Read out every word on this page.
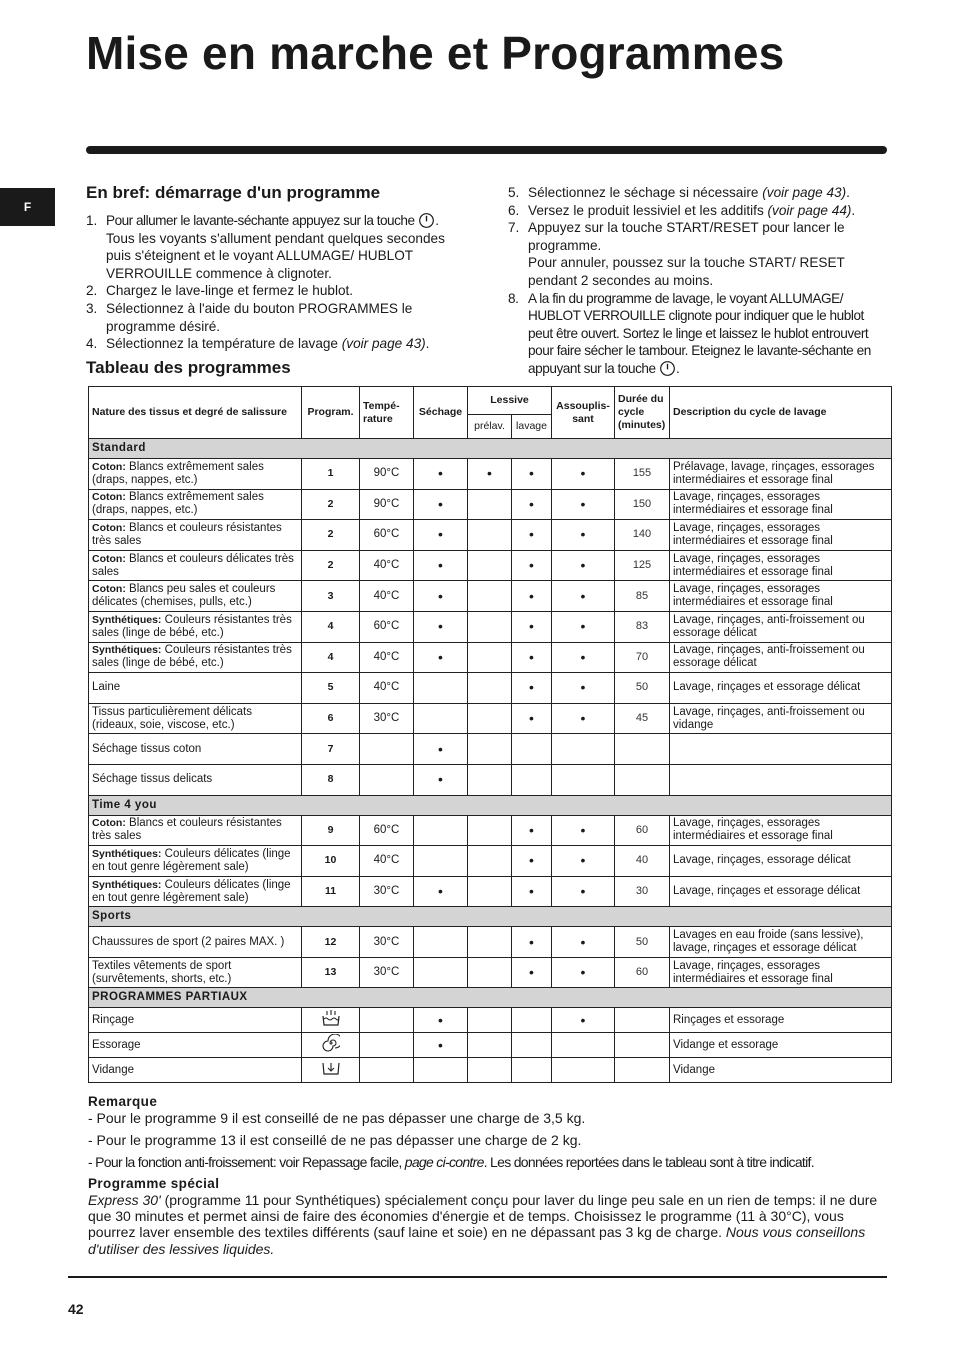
Mise en marche et Programmes
F
En bref: démarrage d'un programme
1. Pour allumer le lavante-séchante appuyez sur la touche . Tous les voyants s'allument pendant quelques secondes puis s'éteignent et le voyant ALLUMAGE/ HUBLOT VERROUILLE commence à clignoter.
2. Chargez le lave-linge et fermez le hublot.
3. Sélectionnez à l'aide du bouton PROGRAMMES le programme désiré.
4. Sélectionnez la température de lavage (voir page 43).
5. Sélectionnez le séchage si nécessaire (voir page 43).
6. Versez le produit lessiviel et les additifs (voir page 44).
7. Appuyez sur la touche START/RESET pour lancer le programme.
Pour annuler, poussez sur la touche START/ RESET pendant 2 secondes au moins.
8. A la fin du programme de lavage, le voyant ALLUMAGE/ HUBLOT VERROUILLE clignote pour indiquer que le hublot peut être ouvert. Sortez le linge et laissez le hublot entrouvert pour faire sécher le tambour. Eteignez le lavante-séchante en appuyant sur la touche .
Tableau des programmes
Nature des tissus et degré de salissure	Program.	Tempé- rature	Séchage	Lessive		Assouplis- sant	Durée du cycle (minutes)	Description du cycle de lavage
				prélav.	lavage			
Standard								
Coton: Blancs extrêmement sales (draps, nappes, etc.)	1	90°C	•	•	•	•	155	Prélavage, lavage, rinçages, essorages intermédiaires et essorage final
Coton: Blancs extrêmement sales (draps, nappes, etc.)	2	90°C	•		•	•	150	Lavage, rinçages, essorages intermédiaires et essorage final
Coton: Blancs et couleurs résistantes très sales	2	60°C	•		•	•	140	Lavage, rinçages, essorages intermédiaires et essorage final
Coton: Blancs et couleurs délicates très sales	2	40°C	•		•	•	125	Lavage, rinçages, essorages intermédiaires et essorage final
Coton: Blancs peu sales et couleurs délicates (chemises, pulls, etc.)	3	40°C	•		•	•	85	Lavage, rinçages, essorages intermédiaires et essorage final
Synthétiques: Couleurs résistantes très sales (linge de bébé, etc.)	4	60°C	•		•	•	83	Lavage, rinçages, anti-froissement ou essorage délicat
Synthétiques: Couleurs résistantes très sales (linge de bébé, etc.)	4	40°C	•		•	•	70	Lavage, rinçages, anti-froissement ou essorage délicat
Laine	5	40°C			•	•	50	Lavage, rinçages et essorage délicat
Tissus particulièrement délicats (rideaux, soie, viscose, etc.)	6	30°C			•	•	45	Lavage, rinçages, anti-froissement ou vidange
Séchage tissus coton	7		•					
Séchage tissus delicats	8		•					
Time 4 you								
Coton: Blancs et couleurs résistantes très sales	9	60°C			•	•	60	Lavage, rinçages, essorages intermédiaires et essorage final
Synthétiques: Couleurs délicates (linge en tout genre légèrement sale)	10	40°C			•	•	40	Lavage, rinçages, essorage délicat
Synthétiques: Couleurs délicates (linge en tout genre légèrement sale)	11	30°C	•		•	•	30	Lavage, rinçages et essorage délicat
Sports								
Chaussures de sport (2 paires MAX. )	12	30°C			•	•	50	Lavages en eau froide (sans lessive), lavage, rinçages et essorage délicat
Textiles vêtements de sport (survêtements, shorts, etc.)	13	30°C			•	•	60	Lavage, rinçages, essorages intermédiaires et essorage final
PROGRAMMES PARTIAUX								
Rinçage			•			•		Rinçages et essorage
Essorage			•					Vidange et essorage
Vidange								Vidange
Remarque
- Pour le programme 9 il est conseillé de ne pas dépasser une charge de 3,5 kg.
- Pour le programme 13 il est conseillé de ne pas dépasser une charge de 2 kg.
- Pour la fonction anti-froissement: voir Repassage facile, page ci-contre. Les données reportées dans le tableau sont à titre indicatif.
Programme spécial
Express 30' (programme 11 pour Synthétiques) spécialement conçu pour laver du linge peu sale en un rien de temps: il ne dure que 30 minutes et permet ainsi de faire des économies d'énergie et de temps. Choisissez le programme (11 à 30°C), vous pourrez laver ensemble des textiles différents (sauf laine et soie) en ne dépassant pas 3 kg de charge. Nous vous conseillons d'utiliser des lessives liquides.
42
